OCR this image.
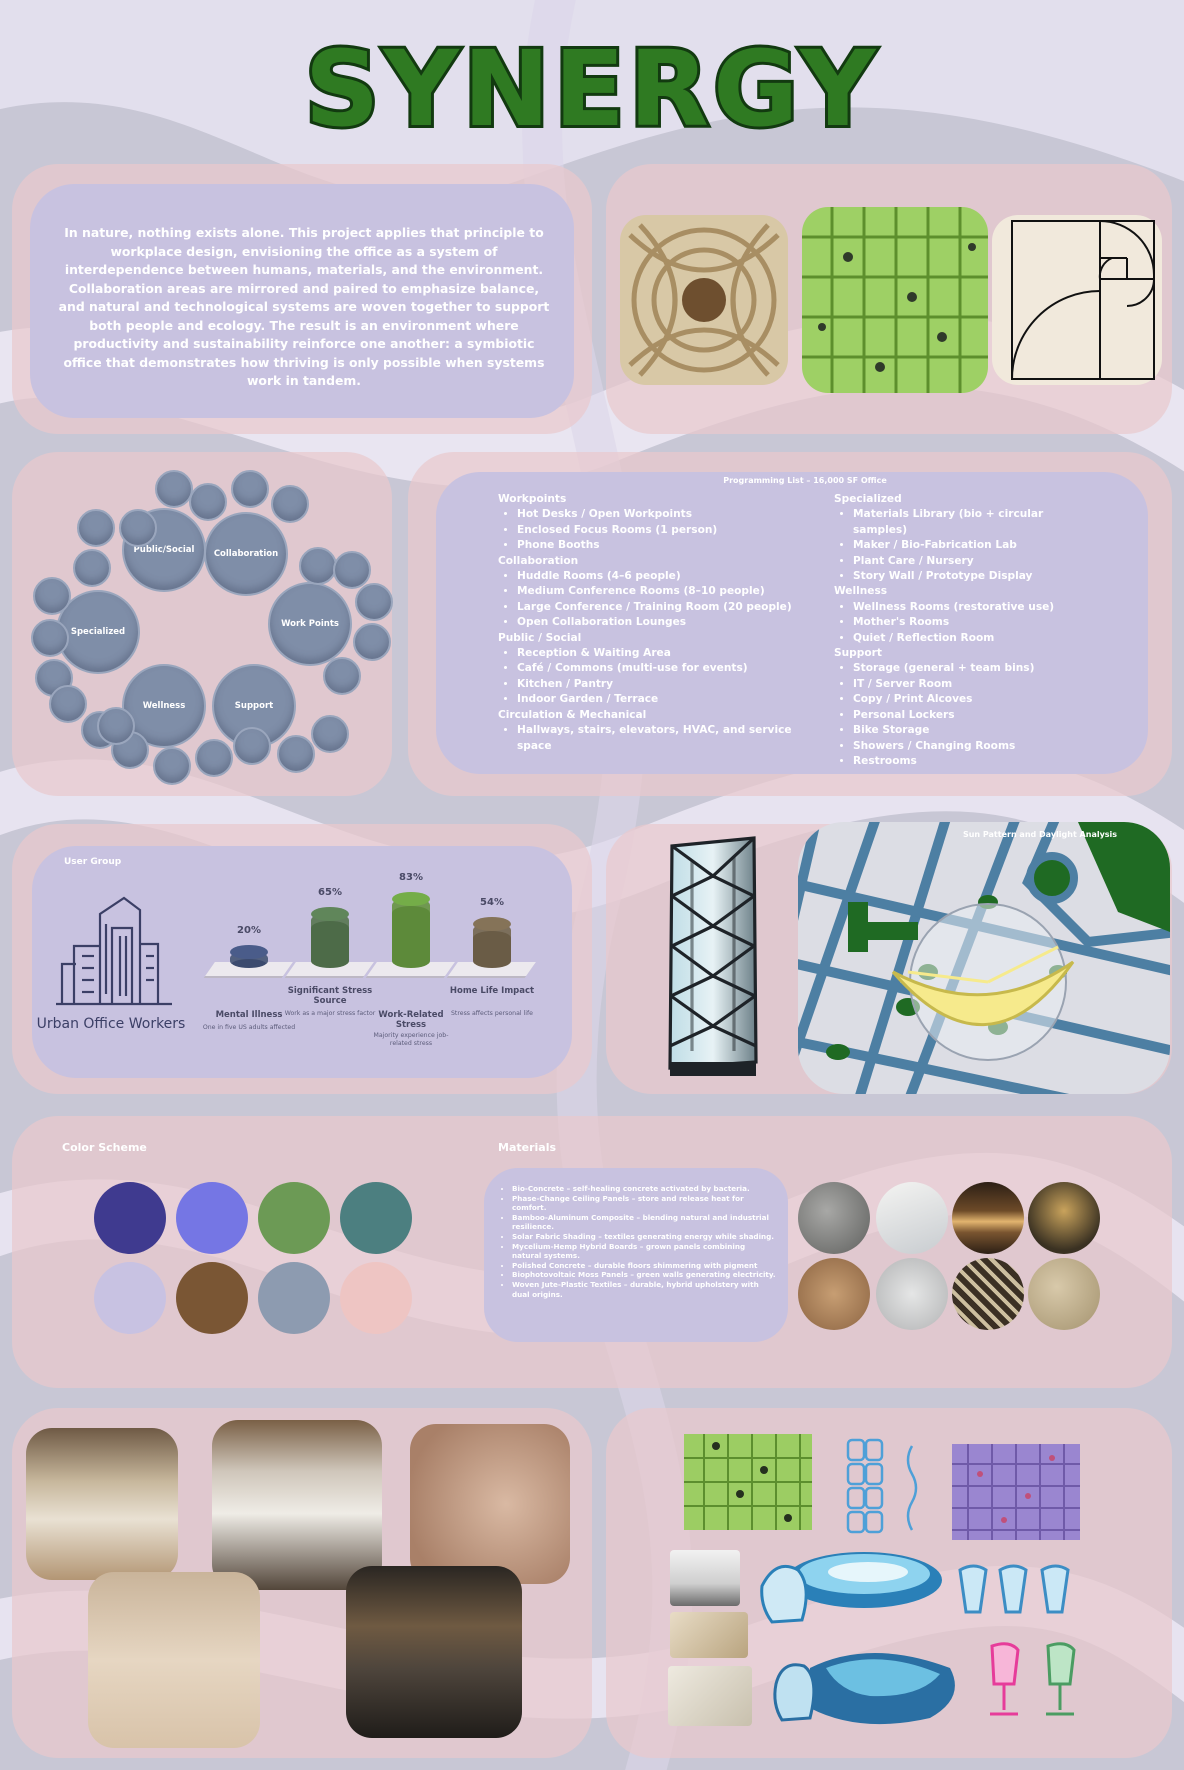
SYNERGY
In nature, nothing exists alone. This project applies that principle to workplace design, envisioning the office as a system of interdependence between humans, materials, and the environment. Collaboration areas are mirrored and paired to emphasize balance, and natural and technological systems are woven together to support both people and ecology. The result is an environment where productivity and sustainability reinforce one another: a symbiotic office that demonstrates how thriving is only possible when systems work in tandem.
Public/Social	Collaboration
Specialized
Work Points
Wellness	Support
Programming List – 16,000 SF Office
Workpoints
• Hot Desks / Open Workpoints
• Enclosed Focus Rooms (1 person)
• Phone Booths
Collaboration
• Huddle Rooms (4–6 people)
• Medium Conference Rooms (8–10 people)
• Large Conference / Training Room (20 people)
• Open Collaboration Lounges
Public / Social
• Reception & Waiting Area
• Café / Commons (multi-use for events)
• Kitchen / Pantry
• Indoor Garden / Terrace
Circulation & Mechanical
• Hallways, stairs, elevators, HVAC, and service space
Specialized
• Materials Library (bio + circular samples)
• Maker / Bio-Fabrication Lab
• Plant Care / Nursery
• Story Wall / Prototype Display
Wellness
• Wellness Rooms (restorative use)
• Mother's Rooms
• Quiet / Reflection Room
Support
• Storage (general + team bins)
• IT / Server Room
• Copy / Print Alcoves
• Personal Lockers
• Bike Storage
• Showers / Changing Rooms
• Restrooms
User Group
Urban Office Workers
20%
Mental Illness
One in five US adults affected
65%
Significant Stress Source
Work as a major stress factor
83%
Work-Related Stress
Majority experience job-related stress
54%
Home Life Impact
Stress affects personal life
Sun Pattern and Daylight Analysis
Color Scheme	Materials
• Bio-Concrete – self-healing concrete activated by bacteria.
• Phase-Change Ceiling Panels – store and release heat for comfort.
• Bamboo-Aluminum Composite – blending natural and industrial resilience.
• Solar Fabric Shading – textiles generating energy while shading.
• Mycelium-Hemp Hybrid Boards – grown panels combining natural systems.
• Polished Concrete – durable floors shimmering with pigment
• Biophotovoltaic Moss Panels – green walls generating electricity.
• Woven Jute-Plastic Textiles – durable, hybrid upholstery with dual origins.
